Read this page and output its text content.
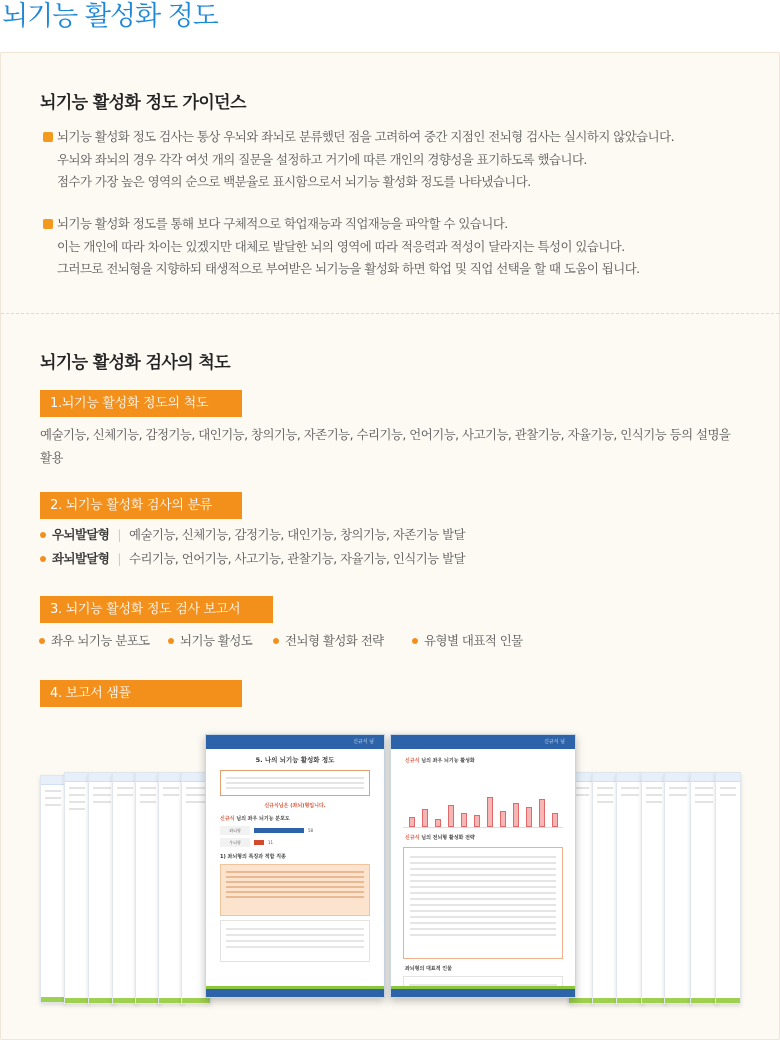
뇌기능 활성화 정도
뇌기능 활성화 정도 가이던스
뇌기능 활성화 정도 검사는 통상 우뇌와 좌뇌로 분류했던 점을 고려하여 중간 지점인 전뇌형 검사는 실시하지 않았습니다.
우뇌와 좌뇌의 경우 각각 여섯 개의 질문을 설정하고 거기에 따른 개인의 경향성을 표기하도록 했습니다.
점수가 가장 높은 영역의 순으로 백분율로 표시함으로서 뇌기능 활성화 정도를 나타냈습니다.
뇌기능 활성화 정도를 통해 보다 구체적으로 학업재능과 직업재능을 파악할 수 있습니다.
이는 개인에 따라 차이는 있겠지만 대체로 발달한 뇌의 영역에 따라 적응력과 적성이 달라지는 특성이 있습니다.
그러므로 전뇌형을 지향하되 태생적으로 부여받은 뇌기능을 활성화 하면 학업 및 직업 선택을 할 때 도움이 됩니다.
뇌기능 활성화 검사의 척도
1.뇌기능 활성화 정도의 척도
예술기능, 신체기능, 감정기능, 대인기능, 창의기능, 자존기능, 수리기능, 언어기능, 사고기능, 관찰기능, 자율기능, 인식기능 등의 설명을 활용
2. 뇌기능 활성화 검사의 분류
우뇌발달형 | 예술기능, 신체기능, 감정기능, 대인기능, 창의기능, 자존기능 발달
좌뇌발달형 | 수리기능, 언어기능, 사고기능, 관찰기능, 자율기능, 인식기능 발달
3. 뇌기능 활성화 정도 검사 보고서
4. 보고서 샘플
좌우 뇌기능 분포도	뇌기능 활성도	전뇌형 활성화 전략	유형별 대표적 인물
신규식 님
5. 나의 뇌기능 활성화 정도
신규식님은 (좌뇌)형입니다.
신규식 님의 좌우 뇌기능 분포도
좌뇌형	58
우뇌형	11
1) 좌뇌형의 특징과 적합 직종
신규식 님
신규식 님의 좌우 뇌기능 활성화
신규식 님의 전뇌형 활성화 전략
좌뇌형의 대표적 인물
